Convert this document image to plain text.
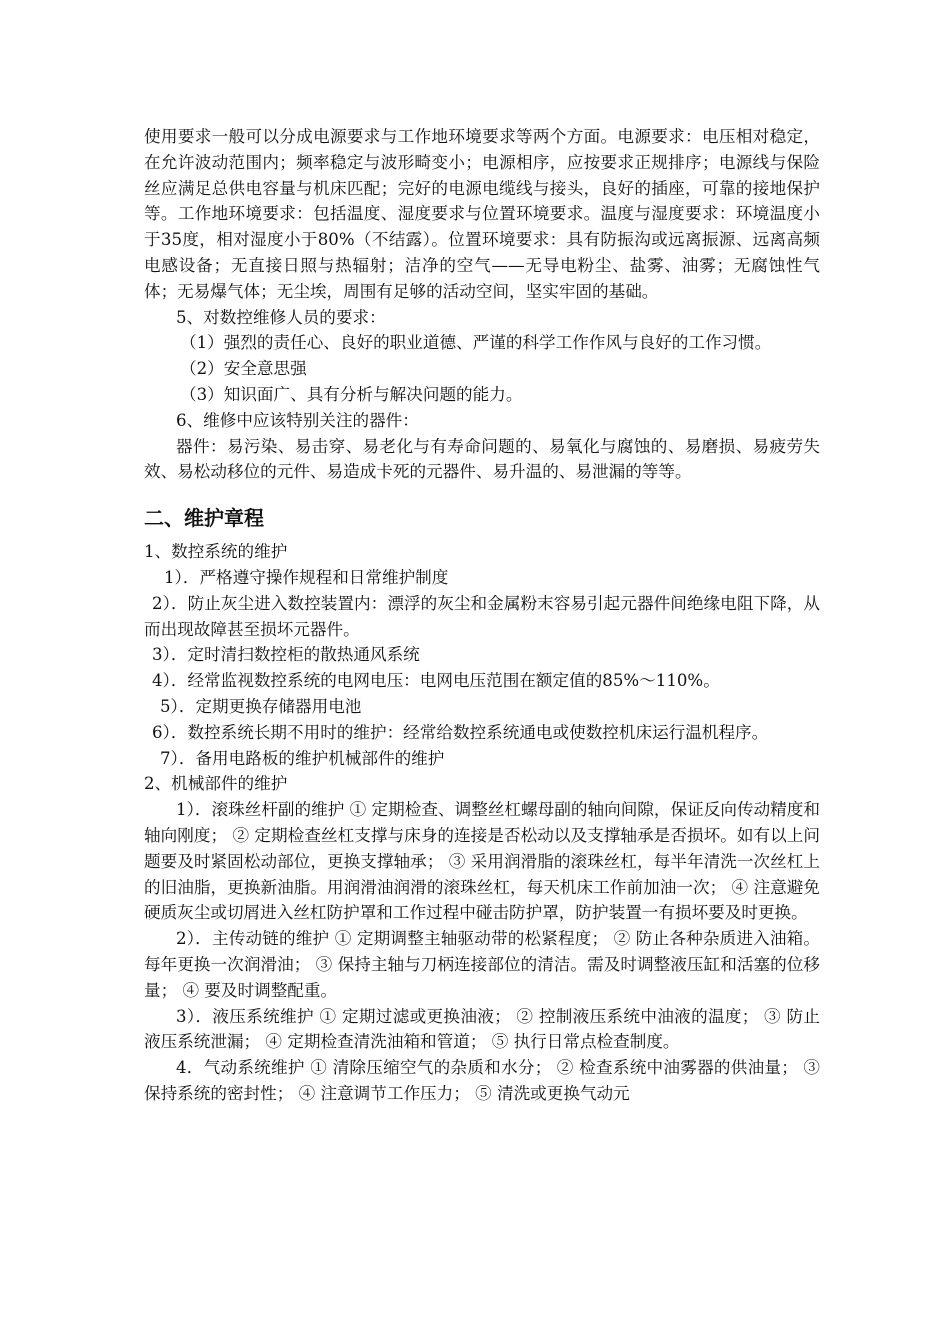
使用要求一般可以分成电源要求与工作地环境要求等两个方面。电源要求：电压相对稳定，在允许波动范围内；频率稳定与波形畸变小；电源相序，应按要求正规排序；电源线与保险丝应满足总供电容量与机床匹配；完好的电源电缆线与接头，良好的插座，可靠的接地保护等。工作地环境要求：包括温度、湿度要求与位置环境要求。温度与湿度要求：环境温度小于35度，相对湿度小于80%（不结露）。位置环境要求：具有防振沟或远离振源、远离高频电感设备；无直接日照与热辐射；洁净的空气——无导电粉尘、盐雾、油雾；无腐蚀性气体；无易爆气体；无尘埃，周围有足够的活动空间，坚实牢固的基础。

5、对数控维修人员的要求：

（1）强烈的责任心、良好的职业道德、严谨的科学工作作风与良好的工作习惯。

（2）安全意思强

（3）知识面广、具有分析与解决问题的能力。

6、维修中应该特别关注的器件：

器件：易污染、易击穿、易老化与有寿命问题的、易氧化与腐蚀的、易磨损、易疲劳失效、易松动移位的元件、易造成卡死的元器件、易升温的、易泄漏的等等。

二、维护章程

1、数控系统的维护

1）．严格遵守操作规程和日常维护制度

2）．防止灰尘进入数控装置内：漂浮的灰尘和金属粉末容易引起元器件间绝缘电阻下降，从而出现故障甚至损坏元器件。

3）．定时清扫数控柜的散热通风系统

4）．经常监视数控系统的电网电压：电网电压范围在额定值的85%～110%。

5）．定期更换存储器用电池

6）．数控系统长期不用时的维护：经常给数控系统通电或使数控机床运行温机程序。

7）．备用电路板的维护机械部件的维护

2、机械部件的维护

1）．滚珠丝杆副的维护 ① 定期检查、调整丝杠螺母副的轴向间隙，保证反向传动精度和轴向刚度； ② 定期检查丝杠支撑与床身的连接是否松动以及支撑轴承是否损坏。如有以上问题要及时紧固松动部位，更换支撑轴承； ③ 采用润滑脂的滚珠丝杠，每半年清洗一次丝杠上的旧油脂，更换新油脂。用润滑油润滑的滚珠丝杠，每天机床工作前加油一次； ④ 注意避免硬质灰尘或切屑进入丝杠防护罩和工作过程中碰击防护罩，防护装置一有损坏要及时更换。

2）．主传动链的维护 ① 定期调整主轴驱动带的松紧程度； ② 防止各种杂质进入油箱。每年更换一次润滑油； ③ 保持主轴与刀柄连接部位的清洁。需及时调整液压缸和活塞的位移量； ④ 要及时调整配重。

3）．液压系统维护 ① 定期过滤或更换油液； ② 控制液压系统中油液的温度； ③ 防止液压系统泄漏； ④ 定期检查清洗油箱和管道； ⑤ 执行日常点检查制度。

4．气动系统维护 ① 清除压缩空气的杂质和水分； ② 检查系统中油雾器的供油量； ③ 保持系统的密封性； ④ 注意调节工作压力； ⑤ 清洗或更换气动元
